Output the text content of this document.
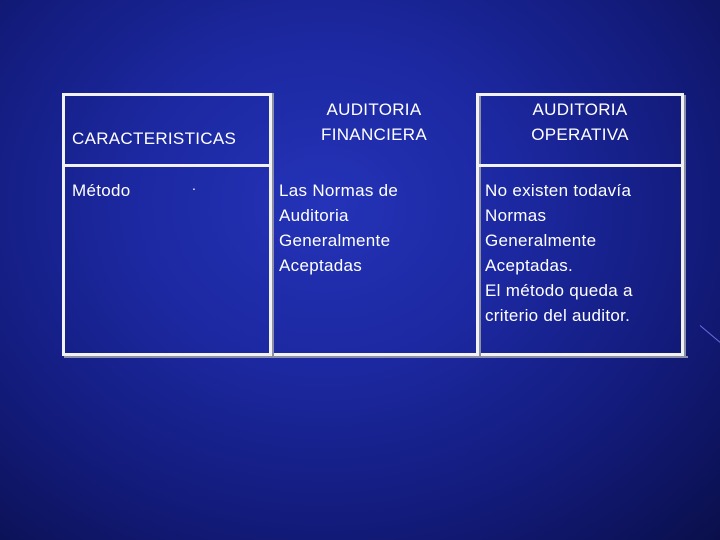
CARACTERISTICAS
AUDITORIA
FINANCIERA
AUDITORIA
OPERATIVA
Método	.	Las Normas de
Auditoria
Generalmente
Aceptadas
No existen todavía
Normas
Generalmente
Aceptadas.
El método queda a
criterio del auditor.
